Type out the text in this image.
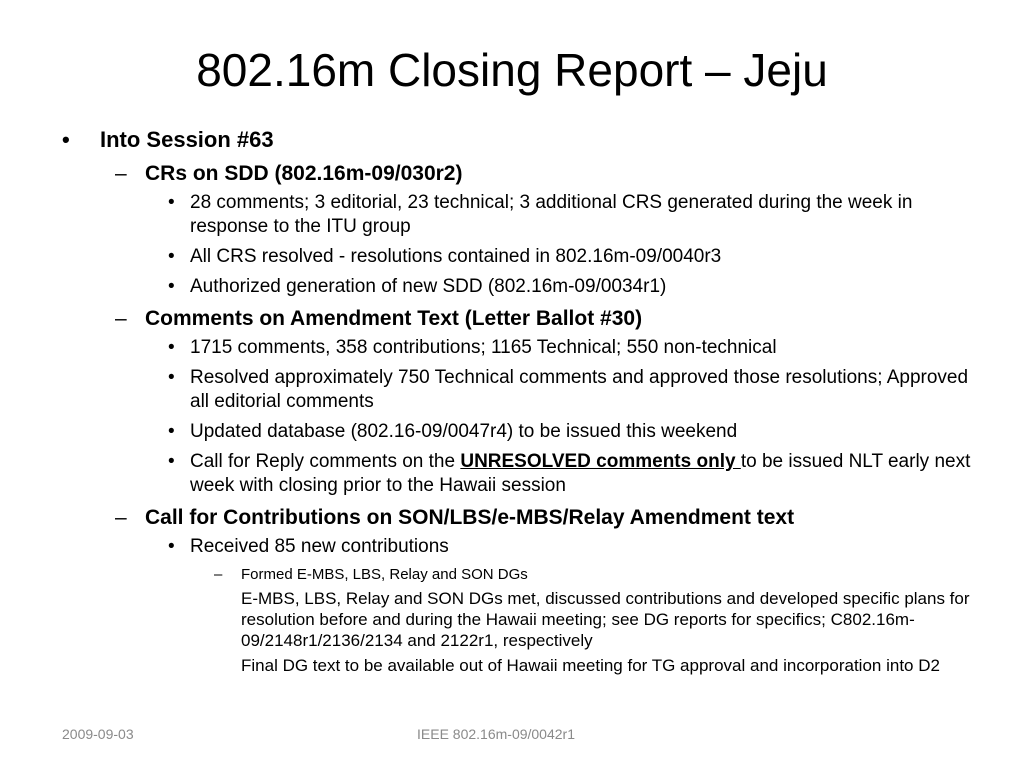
802.16m Closing Report – Jeju
• Into Session #63
– CRs on SDD (802.16m-09/030r2)
• 28 comments; 3 editorial, 23 technical; 3 additional CRS generated during the week in response to the ITU group
• All CRS resolved - resolutions contained in 802.16m-09/0040r3
• Authorized generation of new SDD (802.16m-09/0034r1)
– Comments on Amendment Text (Letter Ballot #30)
• 1715 comments, 358 contributions; 1165 Technical; 550 non-technical
• Resolved approximately 750 Technical comments and approved those resolutions; Approved all editorial comments
• Updated database (802.16-09/0047r4) to be issued this weekend
• Call for Reply comments on the UNRESOLVED comments only to be issued NLT early next week with closing prior to the Hawaii session
– Call for Contributions on SON/LBS/e-MBS/Relay Amendment text
• Received 85 new contributions
– Formed E-MBS, LBS, Relay and SON DGs
E-MBS, LBS, Relay and SON DGs met, discussed contributions and developed specific plans for resolution before and during the Hawaii meeting; see DG reports for specifics; C802.16m-09/2148r1/2136/2134 and 2122r1, respectively
Final DG text to be available out of Hawaii meeting for TG approval and incorporation into D2
2009-09-03	IEEE 802.16m-09/0042r1
